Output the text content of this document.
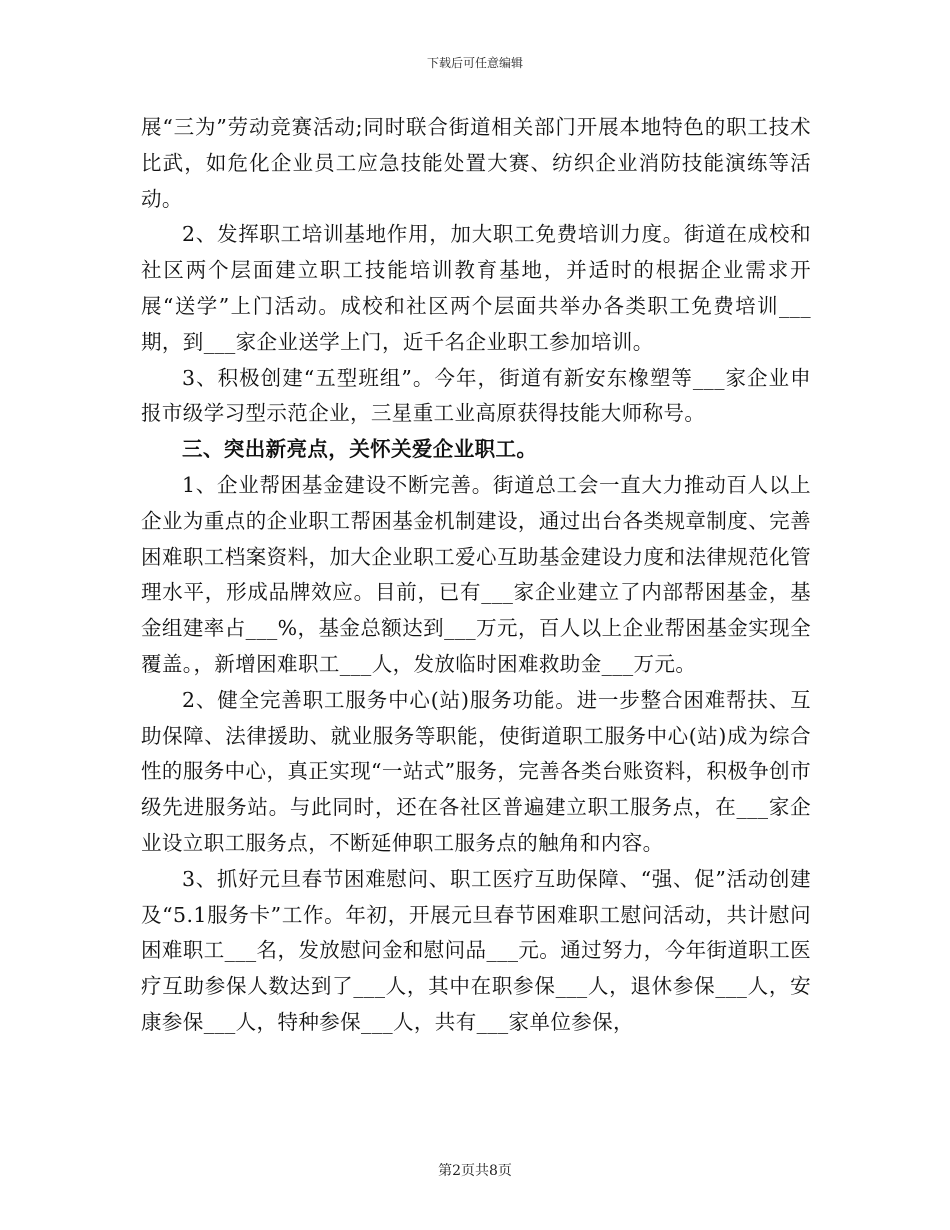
下载后可任意编辑

展“三为”劳动竞赛活动;同时联合街道相关部门开展本地特色的职工技术比武，如危化企业员工应急技能处置大赛、纺织企业消防技能演练等活动。

2、发挥职工培训基地作用，加大职工免费培训力度。街道在成校和社区两个层面建立职工技能培训教育基地，并适时的根据企业需求开展“送学”上门活动。成校和社区两个层面共举办各类职工免费培训___期，到___家企业送学上门，近千名企业职工参加培训。

3、积极创建“五型班组”。今年，街道有新安东橡塑等___家企业申报市级学习型示范企业，三星重工业高原获得技能大师称号。

三、突出新亮点，关怀关爱企业职工。

1、企业帮困基金建设不断完善。街道总工会一直大力推动百人以上企业为重点的企业职工帮困基金机制建设，通过出台各类规章制度、完善困难职工档案资料，加大企业职工爱心互助基金建设力度和法律规范化管理水平，形成品牌效应。目前，已有___家企业建立了内部帮困基金，基金组建率占___%，基金总额达到___万元，百人以上企业帮困基金实现全覆盖。，新增困难职工___人，发放临时困难救助金___万元。

2、健全完善职工服务中心(站)服务功能。进一步整合困难帮扶、互助保障、法律援助、就业服务等职能，使街道职工服务中心(站)成为综合性的服务中心，真正实现“一站式”服务，完善各类台账资料，积极争创市级先进服务站。与此同时，还在各社区普遍建立职工服务点，在___家企业设立职工服务点，不断延伸职工服务点的触角和内容。

3、抓好元旦春节困难慰问、职工医疗互助保障、“强、促”活动创建及“5.1服务卡”工作。年初，开展元旦春节困难职工慰问活动，共计慰问困难职工___名，发放慰问金和慰问品___元。通过努力，今年街道职工医疗互助参保人数达到了___人，其中在职参保___人，退休参保___人，安康参保___人，特种参保___人，共有___家单位参保，

第2页共8页
